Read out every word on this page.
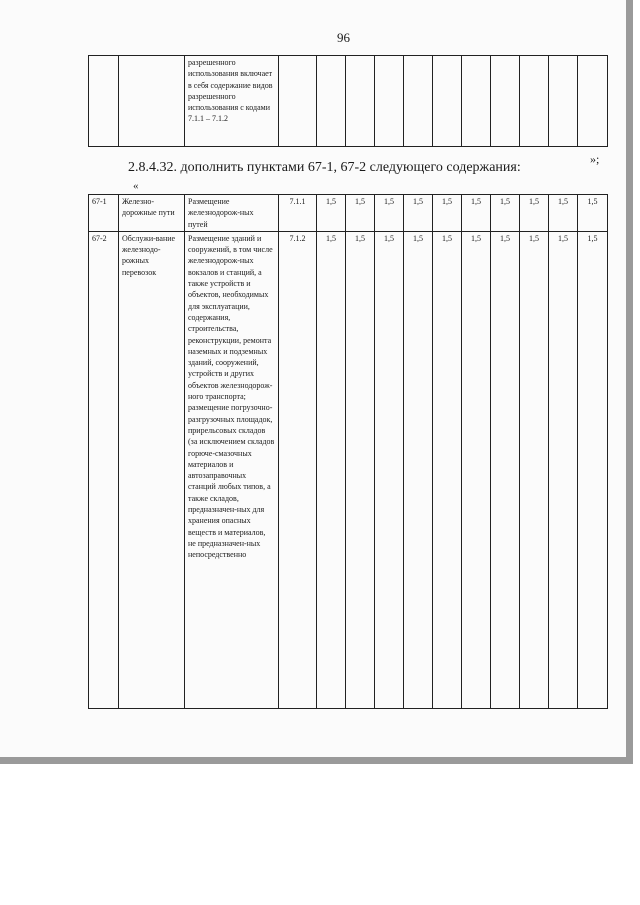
96
		разрешенного использования включает в себя содержание видов разрешенного использования с кодами 7.1.1 – 7.1.2											
»;
2.8.4.32. дополнить пунктами 67-1, 67-2 следующего содержания:
«
67-1	Железно-дорожные пути	Размещение железнодорож-ных путей	7.1.1	1,5	1,5	1,5	1,5	1,5	1,5	1,5	1,5	1,5	1,5	
67-2	Обслужи-вание железнодо-рожных перевозок	Размещение зданий и сооружений, в том числе железнодорож-ных вокзалов и станций, а также устройств и объектов, необходимых для эксплуатации, содержания, строительства, реконструкции, ремонта наземных и подземных зданий, сооружений, устройств и других объектов железнодорож-ного транспорта; размещение погрузочно-разгрузочных площадок, прирельсовых складов (за исключением складов горюче-смазочных материалов и автозаправочных станций любых типов, а также складов, предназначен-ных для хранения опасных веществ и материалов, не предназначен-ных непосредственно	7.1.2	1,5	1,5	1,5	1,5	1,5	1,5	1,5	1,5	1,5	1,5	
